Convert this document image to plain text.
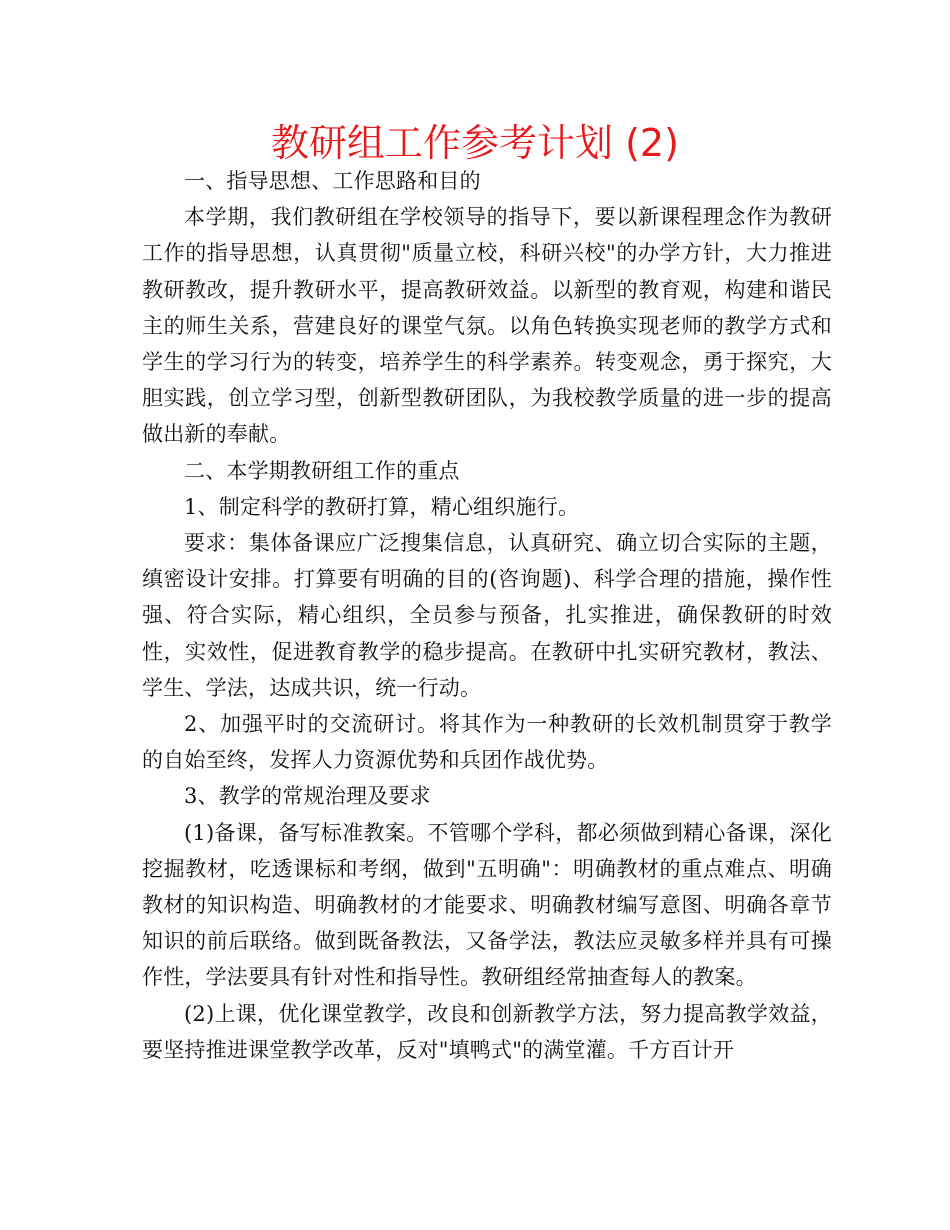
教研组工作参考计划 (2)

一、指导思想、工作思路和目的

本学期，我们教研组在学校领导的指导下，要以新课程理念作为教研工作的指导思想，认真贯彻"质量立校，科研兴校"的办学方针，大力推进教研教改，提升教研水平，提高教研效益。以新型的教育观，构建和谐民主的师生关系，营建良好的课堂气氛。以角色转换实现老师的教学方式和学生的学习行为的转变，培养学生的科学素养。转变观念，勇于探究，大胆实践，创立学习型，创新型教研团队，为我校教学质量的进一步的提高做出新的奉献。

二、本学期教研组工作的重点

1、制定科学的教研打算，精心组织施行。

要求：集体备课应广泛搜集信息，认真研究、确立切合实际的主题，缜密设计安排。打算要有明确的目的(咨询题)、科学合理的措施，操作性强、符合实际，精心组织，全员参与预备，扎实推进，确保教研的时效性，实效性，促进教育教学的稳步提高。在教研中扎实研究教材，教法、学生、学法，达成共识，统一行动。

2、加强平时的交流研讨。将其作为一种教研的长效机制贯穿于教学的自始至终，发挥人力资源优势和兵团作战优势。

3、教学的常规治理及要求

(1)备课，备写标准教案。不管哪个学科，都必须做到精心备课，深化挖掘教材，吃透课标和考纲，做到"五明确"：明确教材的重点难点、明确教材的知识构造、明确教材的才能要求、明确教材编写意图、明确各章节知识的前后联络。做到既备教法，又备学法，教法应灵敏多样并具有可操作性，学法要具有针对性和指导性。教研组经常抽查每人的教案。

(2)上课，优化课堂教学，改良和创新教学方法，努力提高教学效益，要坚持推进课堂教学改革，反对"填鸭式"的满堂灌。千方百计开
